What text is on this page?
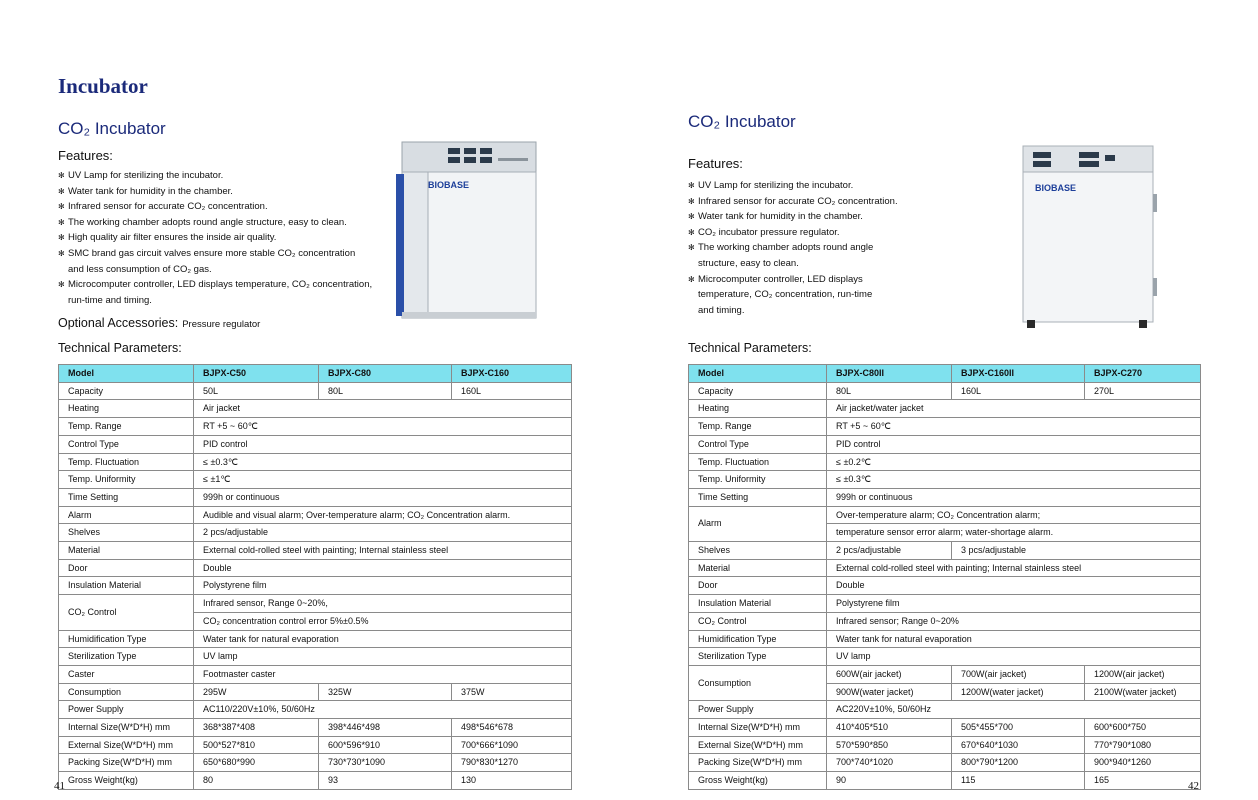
Incubator
CO₂ Incubator
Features:
✻ UV Lamp for sterilizing the incubator.
✻ Water tank for humidity in the chamber.
✻ Infrared sensor for accurate CO₂ concentration.
✻ The working chamber adopts round angle structure, easy to clean.
✻ High quality air filter ensures the inside air quality.
✻ SMC brand gas circuit valves ensure more stable CO₂ concentration
and less consumption of CO₂ gas.
✻ Microcomputer controller, LED displays temperature, CO₂ concentration,
run-time and timing.
Optional Accessories: Pressure regulator
BIOBASE
Technical Parameters:
Model	BJPX-C50	BJPX-C80	BJPX-C160
Capacity	50L	80L	160L
Heating	Air jacket		
Temp. Range	RT +5 ~ 60℃		
Control Type	PID control		
Temp. Fluctuation	≤ ±0.3℃		
Temp. Uniformity	≤ ±1℃		
Time Setting	999h or continuous		
Alarm	Audible and visual alarm; Over-temperature alarm; CO₂ Concentration alarm.		
Shelves	2 pcs/adjustable		
Material	External cold-rolled steel with painting; Internal stainless steel		
Door	Double		
Insulation Material	Polystyrene film		
CO₂ Control	Infrared sensor, Range 0~20%,		
	CO₂ concentration control error 5%±0.5%		
Humidification Type	Water tank for natural evaporation		
Sterilization Type	UV lamp		
Caster	Footmaster caster		
Consumption	295W	325W	375W
Power Supply	AC110/220V±10%, 50/60Hz		
Internal Size(W*D*H) mm	368*387*408	398*446*498	498*546*678
External Size(W*D*H) mm	500*527*810	600*596*910	700*666*1090
Packing Size(W*D*H) mm	650*680*990	730*730*1090	790*830*1270
Gross Weight(kg)	80	93	130
41
CO₂ Incubator
Features:
✻ UV Lamp for sterilizing the incubator.
✻ Infrared sensor for accurate CO₂ concentration.
✻ Water tank for humidity in the chamber.
✻ CO₂ incubator pressure regulator.
✻ The working chamber adopts round angle
structure, easy to clean.
✻ Microcomputer controller, LED displays
temperature, CO₂ concentration, run-time
and timing.
BIOBASE
Technical Parameters:
Model	BJPX-C80II	BJPX-C160II	BJPX-C270
Capacity	80L	160L	270L
Heating	Air jacket/water jacket		
Temp. Range	RT +5 ~ 60℃		
Control Type	PID control		
Temp. Fluctuation	≤ ±0.2℃		
Temp. Uniformity	≤ ±0.3℃		
Time Setting	999h or continuous		
Alarm	Over-temperature alarm; CO₂ Concentration alarm;		
	temperature sensor error alarm; water-shortage alarm.		
Shelves	2 pcs/adjustable	3 pcs/adjustable	
Material	External cold-rolled steel with painting; Internal stainless steel		
Door	Double		
Insulation Material	Polystyrene film		
CO₂ Control	Infrared sensor; Range 0~20%		
Humidification Type	Water tank for natural evaporation		
Sterilization Type	UV lamp		
Consumption	600W(air jacket)	700W(air jacket)	1200W(air jacket)
	900W(water jacket)	1200W(water jacket)	2100W(water jacket)
Power Supply	AC220V±10%, 50/60Hz		
Internal Size(W*D*H) mm	410*405*510	505*455*700	600*600*750
External Size(W*D*H) mm	570*590*850	670*640*1030	770*790*1080
Packing Size(W*D*H) mm	700*740*1020	800*790*1200	900*940*1260
Gross Weight(kg)	90	115	165	42
